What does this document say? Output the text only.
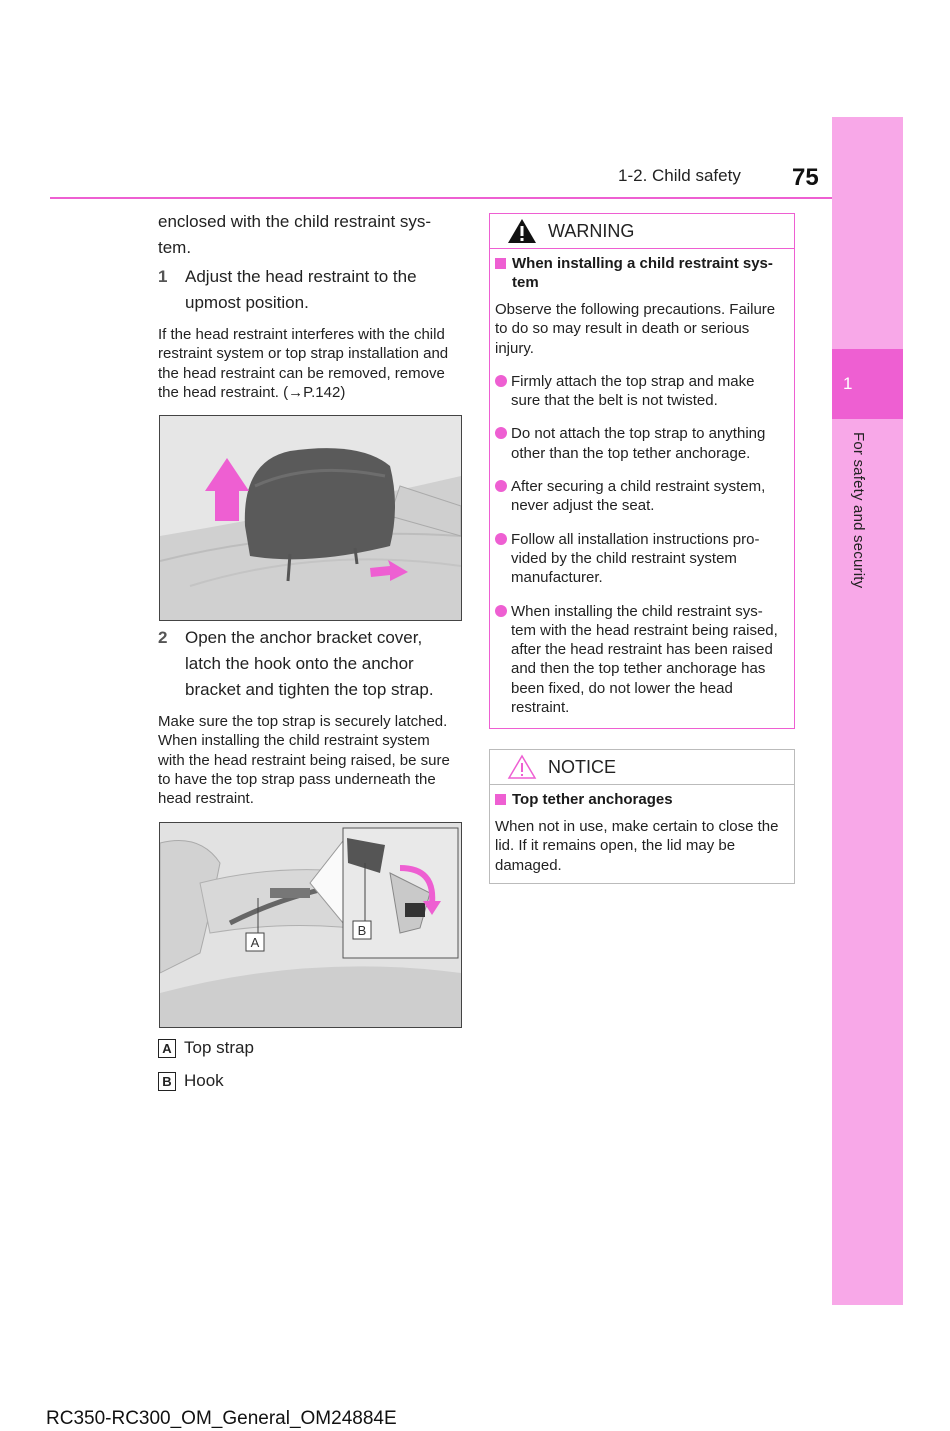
1
For safety and security
1-2. Child safety 75
enclosed with the child restraint sys-tem.
1	Adjust the head restraint to the upmost position.
If the head restraint interferes with the child restraint system or top strap installation and the head restraint can be removed, remove the head restraint. (→P.142)
2	Open the anchor bracket cover, latch the hook onto the anchor bracket and tighten the top strap.
Make sure the top strap is securely latched. When installing the child restraint system with the head restraint being raised, be sure to have the top strap pass underneath the head restraint.
A
B
A Top strap
B Hook
WARNING
When installing a child restraint sys-tem
Observe the following precautions. Failure to do so may result in death or serious injury.
Firmly attach the top strap and make sure that the belt is not twisted.
Do not attach the top strap to anything other than the top tether anchorage.
After securing a child restraint system, never adjust the seat.
Follow all installation instructions pro-vided by the child restraint system manufacturer.
When installing the child restraint sys-tem with the head restraint being raised, after the head restraint has been raised and then the top tether anchorage has been fixed, do not lower the head restraint.
NOTICE
Top tether anchorages
When not in use, make certain to close the lid. If it remains open, the lid may be damaged.
RC350-RC300_OM_General_OM24884E
